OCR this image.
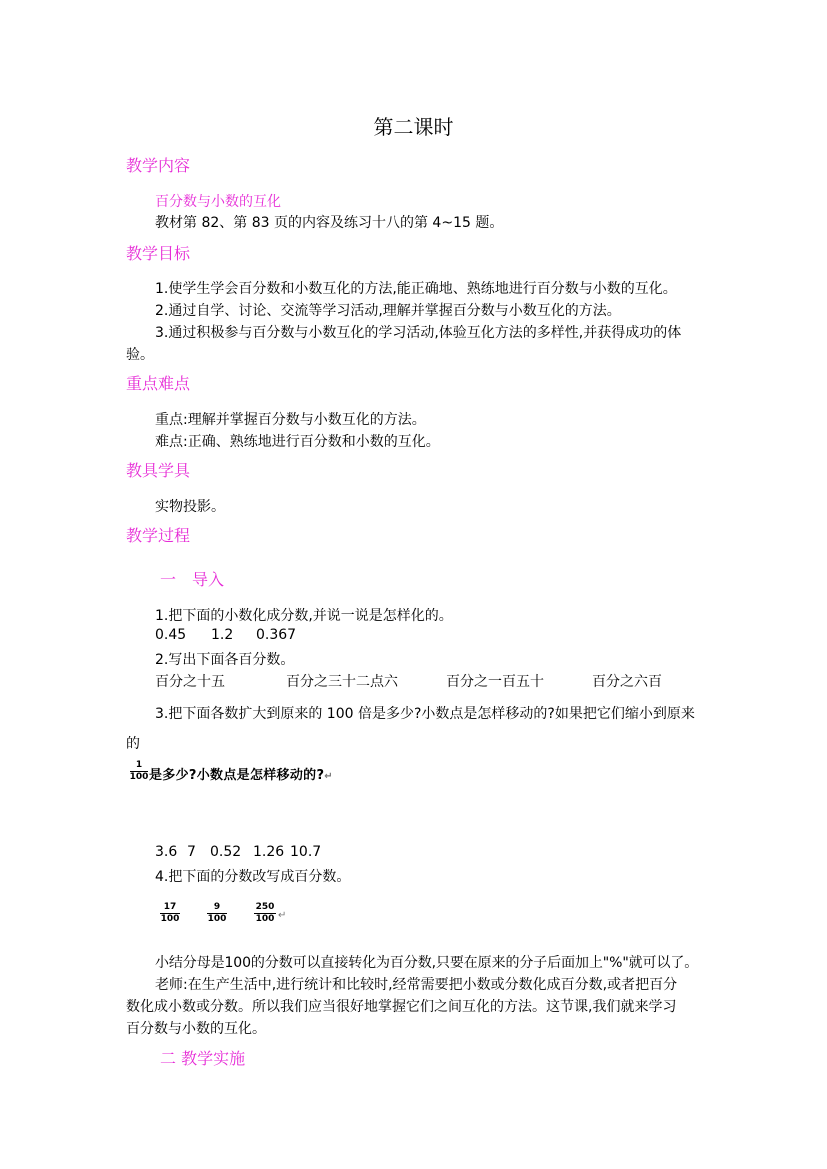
第二课时
教学内容
百分数与小数的互化
教材第 82、第 83 页的内容及练习十八的第 4~15 题。
教学目标
1.使学生学会百分数和小数互化的方法,能正确地、熟练地进行百分数与小数的互化。
2.通过自学、讨论、交流等学习活动,理解并掌握百分数与小数互化的方法。
3.通过积极参与百分数与小数互化的学习活动,体验互化方法的多样性,并获得成功的体
验。
重点难点
重点:理解并掌握百分数与小数互化的方法。
难点:正确、熟练地进行百分数和小数的互化。
教具学具
实物投影。
教学过程
一　导入
1.把下面的小数化成分数,并说一说是怎样化的。
0.45 1.2 0.367
2.写出下面各百分数。
百分之十五	百分之三十二点六	百分之一百五十	百分之六百
3.把下面各数扩大到原来的 100 倍是多少?小数点是怎样移动的?如果把它们缩小到原来
的
1
100 是多少?小数点是怎样移动的?↵
3.6 7 0.52 1.26 10.7
4.把下面的分数改写成百分数。
17
100
9
100
250
100 ↵
小结分母是100的分数可以直接转化为百分数,只要在原来的分子后面加上"%"就可以了。
老师:在生产生活中,进行统计和比较时,经常需要把小数或分数化成百分数,或者把百分
数化成小数或分数。所以我们应当很好地掌握它们之间互化的方法。这节课,我们就来学习
百分数与小数的互化。
二 教学实施
